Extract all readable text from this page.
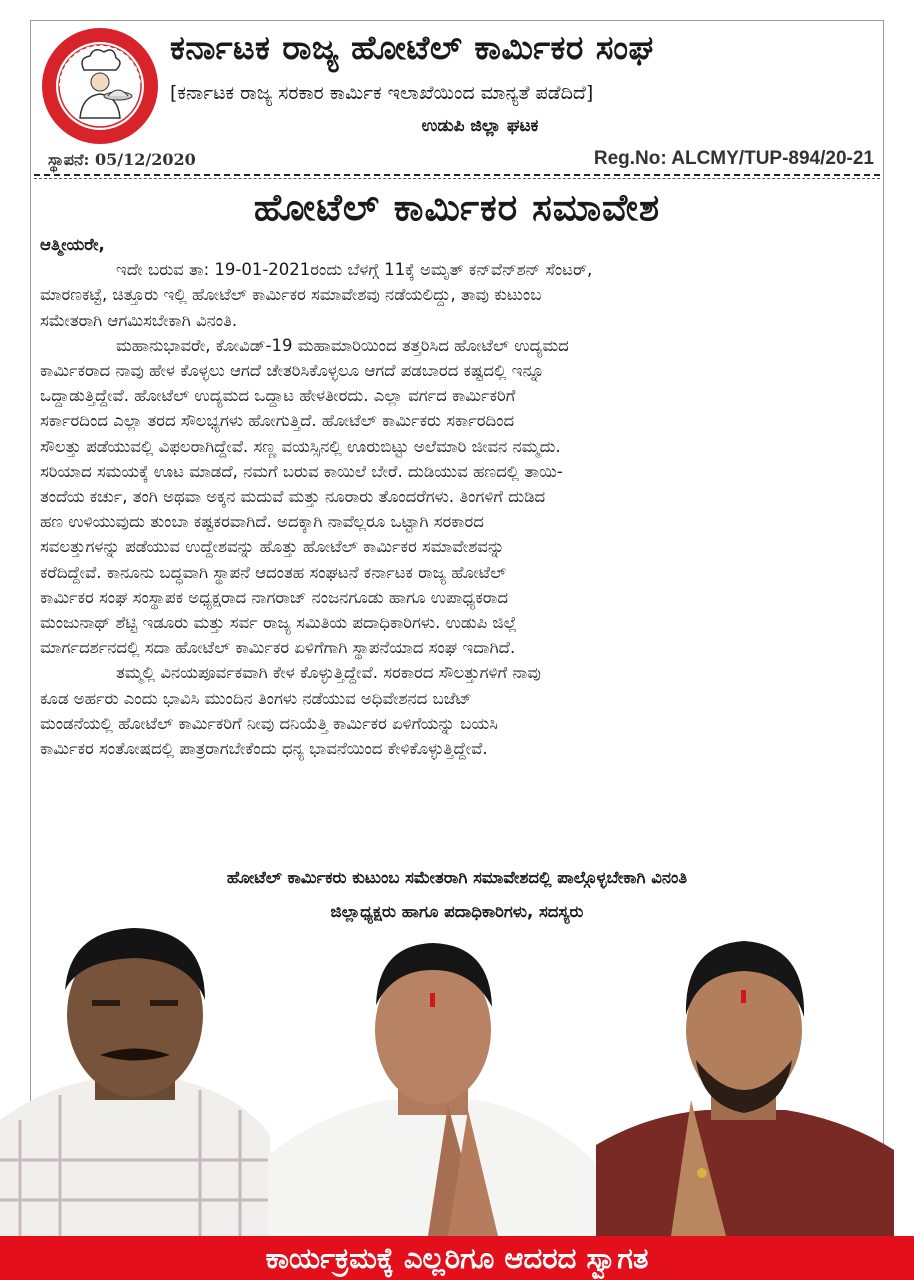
ಕರ್ನಾಟಕ ರಾಜ್ಯ ಹೋಟೆಲ್ ಕಾರ್ಮಿಕರ ಸಂಘ
[ಕರ್ನಾಟಕ ರಾಜ್ಯ ಸರಕಾರ ಕಾರ್ಮಿಕ ಇಲಾಖೆಯಿಂದ ಮಾನ್ಯತೆ ಪಡೆದಿದೆ]
ಉಡುಪಿ ಜಿಲ್ಲಾ ಘಟಕ
ಸ್ಥಾಪನೆ: 05/12/2020	Reg.No: ALCMY/TUP-894/20-21
ಹೋಟೆಲ್ ಕಾರ್ಮಿಕರ ಸಮಾವೇಶ
ಆತ್ಮೀಯರೇ,
ಇದೇ ಬರುವ ತಾ: 19-01-2021ರಂದು ಬೆಳಗ್ಗೆ 11ಕ್ಕೆ ಅಮೃತ್ ಕನ್‌ವೆನ್‌ಶನ್ ಸೆಂಟರ್,
ಮಾರಣಕಟ್ಟೆ, ಚಿತ್ತೂರು ಇಲ್ಲಿ ಹೋಟೆಲ್ ಕಾರ್ಮಿಕರ ಸಮಾವೇಶವು ನಡೆಯಲಿದ್ದು, ತಾವು ಕುಟುಂಬ
ಸಮೇತರಾಗಿ ಆಗಮಿಸಬೇಕಾಗಿ ವಿನಂತಿ.
ಮಹಾನುಭಾವರೇ, ಕೋವಿಡ್-19 ಮಹಾಮಾರಿಯಿಂದ ತತ್ತರಿಸಿದ ಹೋಟೆಲ್ ಉದ್ಯಮದ
ಕಾರ್ಮಿಕರಾದ ನಾವು ಹೇಳ ಕೊಳ್ಳಲು ಆಗದೆ ಚೇತರಿಸಿಕೊಳ್ಳಲೂ ಆಗದೆ ಪಡಬಾರದ ಕಷ್ಟದಲ್ಲಿ ಇನ್ನೂ
ಒದ್ದಾಡುತ್ತಿದ್ದೇವೆ. ಹೋಟೆಲ್ ಉದ್ಯಮದ ಒದ್ದಾಟ ಹೇಳತೀರದು. ಎಲ್ಲಾ ವರ್ಗದ ಕಾರ್ಮಿಕರಿಗೆ
ಸರ್ಕಾರದಿಂದ ಎಲ್ಲಾ ತರದ ಸೌಲಭ್ಯಗಳು ಹೋಗುತ್ತಿದೆ. ಹೋಟೆಲ್ ಕಾರ್ಮಿಕರು ಸರ್ಕಾರದಿಂದ
ಸೌಲತ್ತು ಪಡೆಯುವಲ್ಲಿ ವಿಫಲರಾಗಿದ್ದೇವೆ. ಸಣ್ಣ ವಯಸ್ಸಿನಲ್ಲಿ ಊರುಬಿಟ್ಟು ಅಲೆಮಾರಿ ಜೀವನ ನಮ್ಮದು.
ಸರಿಯಾದ ಸಮಯಕ್ಕೆ ಊಟ ಮಾಡದೆ, ನಮಗೆ ಬರುವ ಕಾಯಿಲೆ ಬೇರೆ. ದುಡಿಯುವ ಹಣದಲ್ಲಿ ತಾಯಿ-
ತಂದೆಯ ಕರ್ಚು, ತಂಗಿ ಅಥವಾ ಅಕ್ಕನ ಮದುವೆ ಮತ್ತು ನೂರಾರು ತೊಂದರೆಗಳು. ತಿಂಗಳಿಗೆ ದುಡಿದ
ಹಣ ಉಳಿಯುವುದು ತುಂಬಾ ಕಷ್ಟಕರವಾಗಿದೆ. ಅದಕ್ಕಾಗಿ ನಾವೆಲ್ಲರೂ ಒಟ್ಟಾಗಿ ಸರಕಾರದ
ಸವಲತ್ತುಗಳನ್ನು ಪಡೆಯುವ ಉದ್ದೇಶವನ್ನು ಹೊತ್ತು ಹೋಟೆಲ್ ಕಾರ್ಮಿಕರ ಸಮಾವೇಶವನ್ನು
ಕರೆದಿದ್ದೇವೆ. ಕಾನೂನು ಬದ್ಧವಾಗಿ ಸ್ಥಾಪನೆ ಆದಂತಹ ಸಂಘಟನೆ ಕರ್ನಾಟಕ ರಾಜ್ಯ ಹೋಟೆಲ್
ಕಾರ್ಮಿಕರ ಸಂಘ ಸಂಸ್ಥಾಪಕ ಅಧ್ಯಕ್ಷರಾದ ನಾಗರಾಜ್ ನಂಜನಗೂಡು ಹಾಗೂ ಉಪಾಧ್ಯಕರಾದ
ಮಂಜುನಾಥ್ ಶೆಟ್ಟಿ ಇಡೂರು ಮತ್ತು ಸರ್ವ ರಾಜ್ಯ ಸಮಿತಿಯ ಪದಾಧಿಕಾರಿಗಳು. ಉಡುಪಿ ಜಿಲ್ಲೆ
ಮಾರ್ಗದರ್ಶನದಲ್ಲಿ ಸದಾ ಹೋಟೆಲ್ ಕಾರ್ಮಿಕರ ಏಳಿಗೆಗಾಗಿ ಸ್ಥಾಪನೆಯಾದ ಸಂಘ ಇದಾಗಿದೆ.
ತಮ್ಮಲ್ಲಿ ವಿನಯಪೂರ್ವಕವಾಗಿ ಕೇಳ ಕೊಳ್ಳುತ್ತಿದ್ದೇವೆ. ಸರಕಾರದ ಸೌಲತ್ತುಗಳಿಗೆ ನಾವು
ಕೂಡ ಅರ್ಹರು ಎಂದು ಭಾವಿಸಿ ಮುಂದಿನ ತಿಂಗಳು ನಡೆಯುವ ಅಧಿವೇಶನದ ಬಜೆಟ್
ಮಂಡನೆಯಲ್ಲಿ ಹೋಟೆಲ್ ಕಾರ್ಮಿಕರಿಗೆ ನೀವು ದನಿಯೆತ್ತಿ ಕಾರ್ಮಿಕರ ಏಳಿಗೆಯನ್ನು ಬಯಸಿ
ಕಾರ್ಮಿಕರ ಸಂತೋಷದಲ್ಲಿ ಪಾತ್ರರಾಗಬೇಕೆಂದು ಧನ್ಯ ಭಾವನೆಯಿಂದ ಕೇಳಿಕೊಳ್ಳುತ್ತಿದ್ದೇವೆ.
ಹೋಟೆಲ್ ಕಾರ್ಮಿಕರು ಕುಟುಂಬ ಸಮೇತರಾಗಿ ಸಮಾವೇಶದಲ್ಲಿ ಪಾಲ್ಗೊಳ್ಳಬೇಕಾಗಿ ವಿನಂತಿ
ಜಿಲ್ಲಾಧ್ಯಕ್ಷರು ಹಾಗೂ ಪದಾಧಿಕಾರಿಗಳು, ಸದಸ್ಯರು
ಕಾರ್ಯಕ್ರಮಕ್ಕೆ ಎಲ್ಲರಿಗೂ ಆದರದ ಸ್ವಾಗತ
